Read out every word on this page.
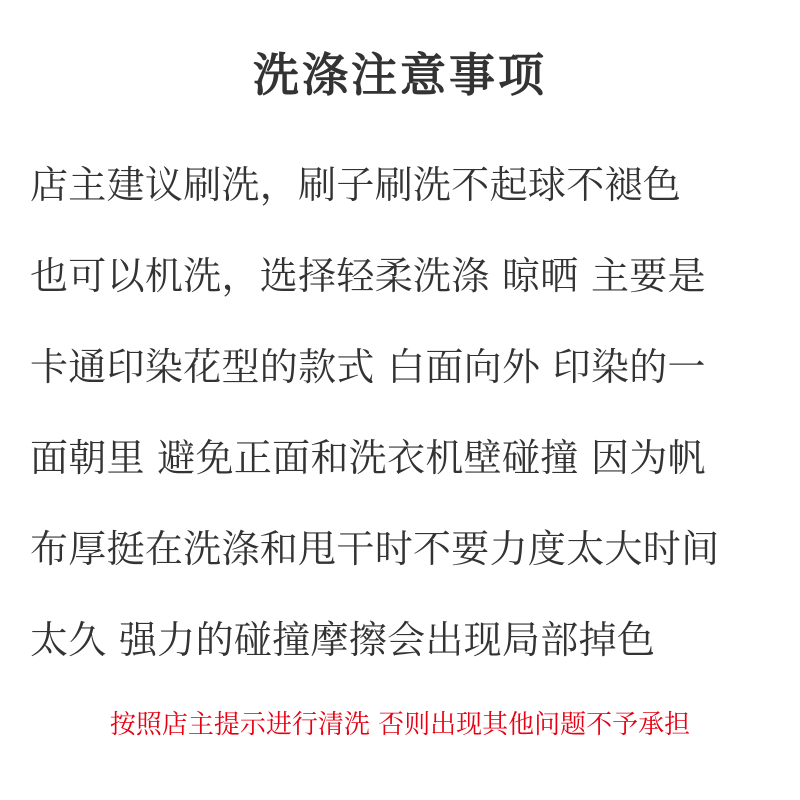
洗涤注意事项
店主建议刷洗，刷子刷洗不起球不褪色
也可以机洗，选择轻柔洗涤 晾晒 主要是
卡通印染花型的款式 白面向外 印染的一
面朝里 避免正面和洗衣机壁碰撞 因为帆
布厚挺在洗涤和甩干时不要力度太大时间
太久 强力的碰撞摩擦会出现局部掉色
按照店主提示进行清洗 否则出现其他问题不予承担
